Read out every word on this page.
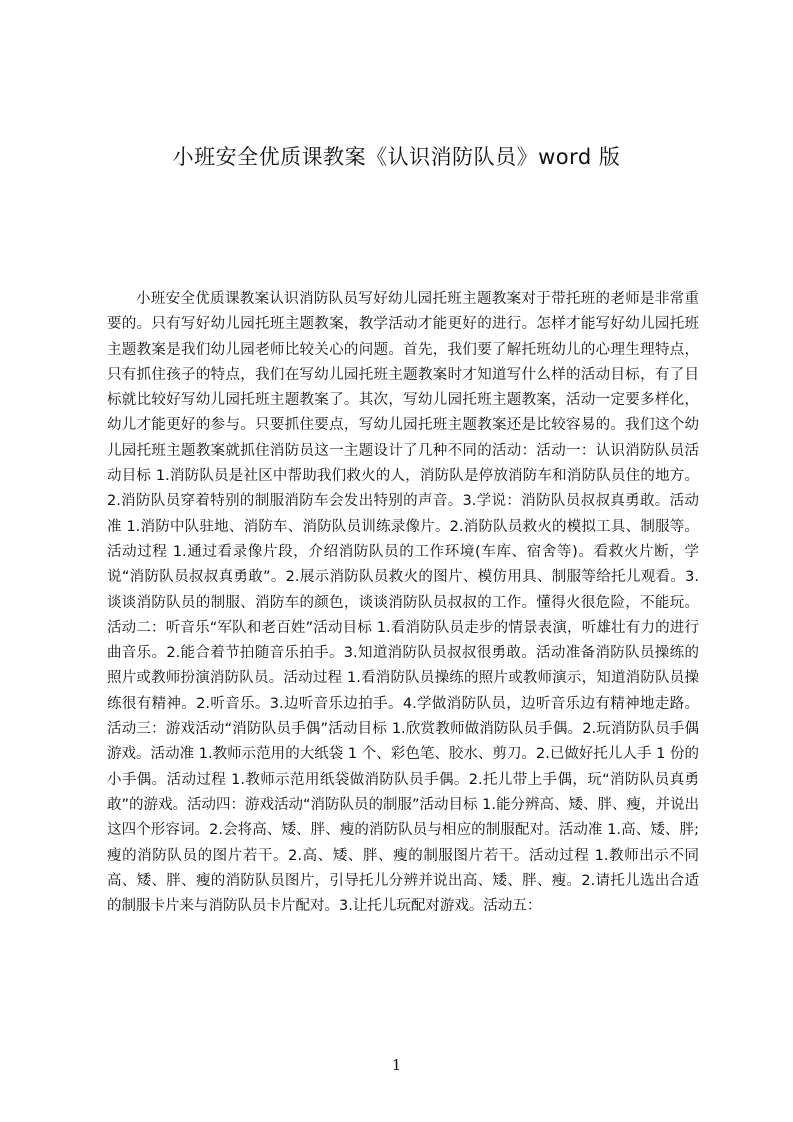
小班安全优质课教案《认识消防队员》word 版

小班安全优质课教案认识消防队员写好幼儿园托班主题教案对于带托班的老师是非常重要的。只有写好幼儿园托班主题教案，教学活动才能更好的进行。怎样才能写好幼儿园托班主题教案是我们幼儿园老师比较关心的问题。首先，我们要了解托班幼儿的心理生理特点，只有抓住孩子的特点，我们在写幼儿园托班主题教案时才知道写什么样的活动目标，有了目标就比较好写幼儿园托班主题教案了。其次，写幼儿园托班主题教案，活动一定要多样化，幼儿才能更好的参与。只要抓住要点，写幼儿园托班主题教案还是比较容易的。我们这个幼儿园托班主题教案就抓住消防员这一主题设计了几种不同的活动：活动一：认识消防队员活动目标 1.消防队员是社区中帮助我们救火的人，消防队是停放消防车和消防队员住的地方。2.消防队员穿着特别的制服消防车会发出特别的声音。3.学说：消防队员叔叔真勇敢。活动准 1.消防中队驻地、消防车、消防队员训练录像片。2.消防队员救火的模拟工具、制服等。活动过程 1.通过看录像片段，介绍消防队员的工作环境(车库、宿舍等)。看救火片断，学说“消防队员叔叔真勇敢”。2.展示消防队员救火的图片、模仿用具、制服等给托儿观看。3.谈谈消防队员的制服、消防车的颜色，谈谈消防队员叔叔的工作。懂得火很危险，不能玩。活动二：听音乐“军队和老百姓”活动目标 1.看消防队员走步的情景表演，听雄壮有力的进行曲音乐。2.能合着节拍随音乐拍手。3.知道消防队员叔叔很勇敢。活动准备消防队员操练的照片或教师扮演消防队员。活动过程 1.看消防队员操练的照片或教师演示，知道消防队员操练很有精神。2.听音乐。3.边听音乐边拍手。4.学做消防队员，边听音乐边有精神地走路。活动三：游戏活动“消防队员手偶”活动目标 1.欣赏教师做消防队员手偶。2.玩消防队员手偶游戏。活动准 1.教师示范用的大纸袋 1 个、彩色笔、胶水、剪刀。2.已做好托儿人手 1 份的小手偶。活动过程 1.教师示范用纸袋做消防队员手偶。2.托儿带上手偶，玩“消防队员真勇敢”的游戏。活动四：游戏活动“消防队员的制服”活动目标 1.能分辨高、矮、胖、瘦，并说出这四个形容词。2.会将高、矮、胖、瘦的消防队员与相应的制服配对。活动准 1.高、矮、胖;瘦的消防队员的图片若干。2.高、矮、胖、瘦的制服图片若干。活动过程 1.教师出示不同高、矮、胖、瘦的消防队员图片，引导托儿分辨并说出高、矮、胖、瘦。2.请托儿选出合适的制服卡片来与消防队员卡片配对。3.让托儿玩配对游戏。活动五：

1
